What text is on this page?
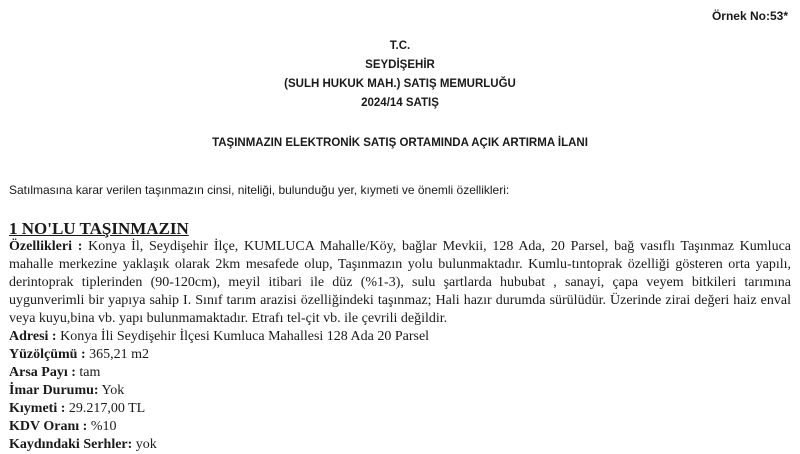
Örnek No:53*
T.C.
SEYDİŞEHİR
(SULH HUKUK MAH.) SATIŞ MEMURLUĞU
2024/14 SATIŞ
TAŞINMAZIN ELEKTRONİK SATIŞ ORTAMINDA AÇIK ARTIRMA İLANI
Satılmasına karar verilen taşınmazın cinsi, niteliği, bulunduğu yer, kıymeti ve önemli özellikleri:
1 NO'LU TAŞINMAZIN

Özellikleri : Konya İl, Seydişehir İlçe, KUMLUCA Mahalle/Köy, bağlar Mevkii, 128 Ada, 20 Parsel, bağ vasıflı Taşınmaz Kumluca mahalle merkezine yaklaşık olarak 2km mesafede olup, Taşınmazın yolu bulunmaktadır. Kumlu-tıntoprak özelliği gösteren orta yapılı, derintoprak tiplerinden (90-120cm), meyil itibari ile düz (%1-3), sulu şartlarda hububat , sanayi, çapa veyem bitkileri tarımına uygunverimli bir yapıya sahip I. Sınıf tarım arazisi özelliğindeki taşınmaz; Hali hazır durumda sürülüdür. Üzerinde zirai değeri haiz enval veya kuyu,bina vb. yapı bulunmamaktadır. Etrafı tel-çit vb. ile çevrili değildir.

Adresi : Konya İli Seydişehir İlçesi Kumluca Mahallesi 128 Ada 20 Parsel

Yüzölçümü : 365,21 m2

Arsa Payı : tam

İmar Durumu: Yok

Kıymeti : 29.217,00 TL

KDV Oranı : %10

Kaydındaki Serhler: yok
